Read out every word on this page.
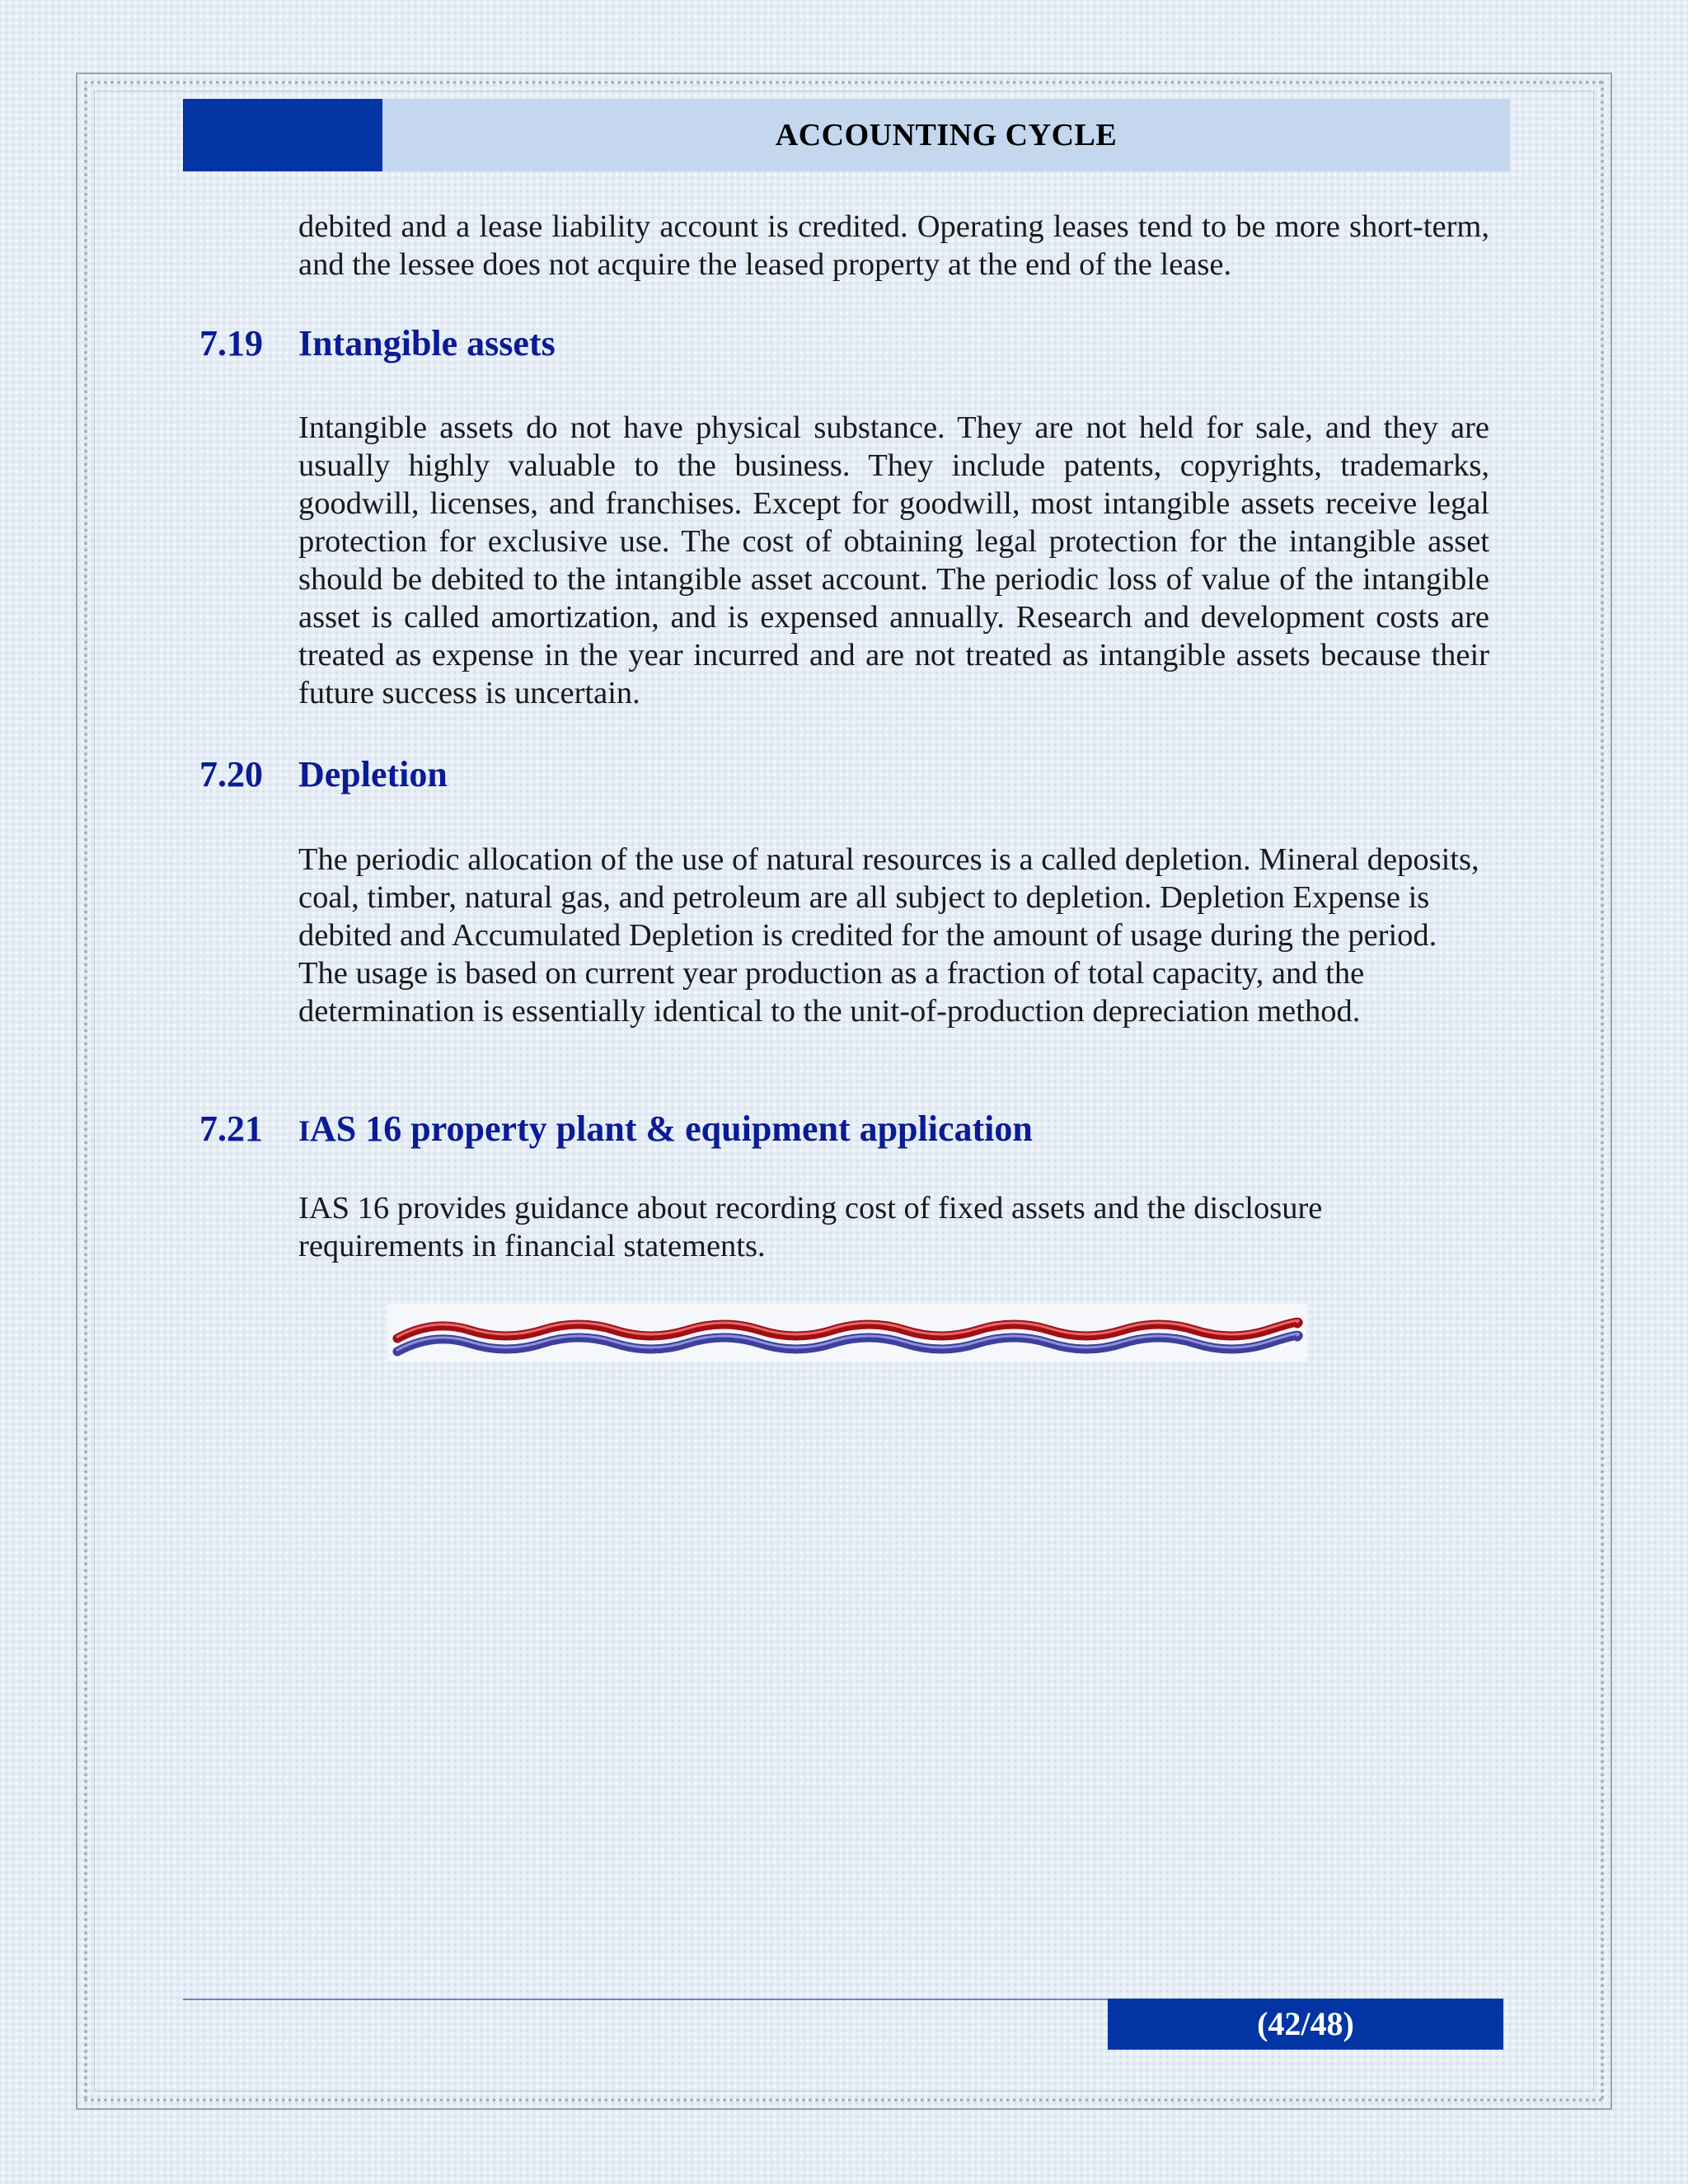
ACCOUNTING CYCLE

debited and a lease liability account is credited. Operating leases tend to be more short-term, and the lessee does not acquire the leased property at the end of the lease.

7.19 Intangible assets

Intangible assets do not have physical substance. They are not held for sale, and they are usually highly valuable to the business. They include patents, copyrights, trademarks, goodwill, licenses, and franchises. Except for goodwill, most intangible assets receive legal protection for exclusive use. The cost of obtaining legal protection for the intangible asset should be debited to the intangible asset account. The periodic loss of value of the intangible asset is called amortization, and is expensed annually. Research and development costs are treated as expense in the year incurred and are not treated as intangible assets because their future success is uncertain.

7.20 Depletion

The periodic allocation of the use of natural resources is a called depletion. Mineral deposits, coal, timber, natural gas, and petroleum are all subject to depletion. Depletion Expense is debited and Accumulated Depletion is credited for the amount of usage during the period. The usage is based on current year production as a fraction of total capacity, and the determination is essentially identical to the unit-of-production depreciation method.

7.21 IAS 16 property plant & equipment application

IAS 16 provides guidance about recording cost of fixed assets and the disclosure requirements in financial statements.

(42/48)
